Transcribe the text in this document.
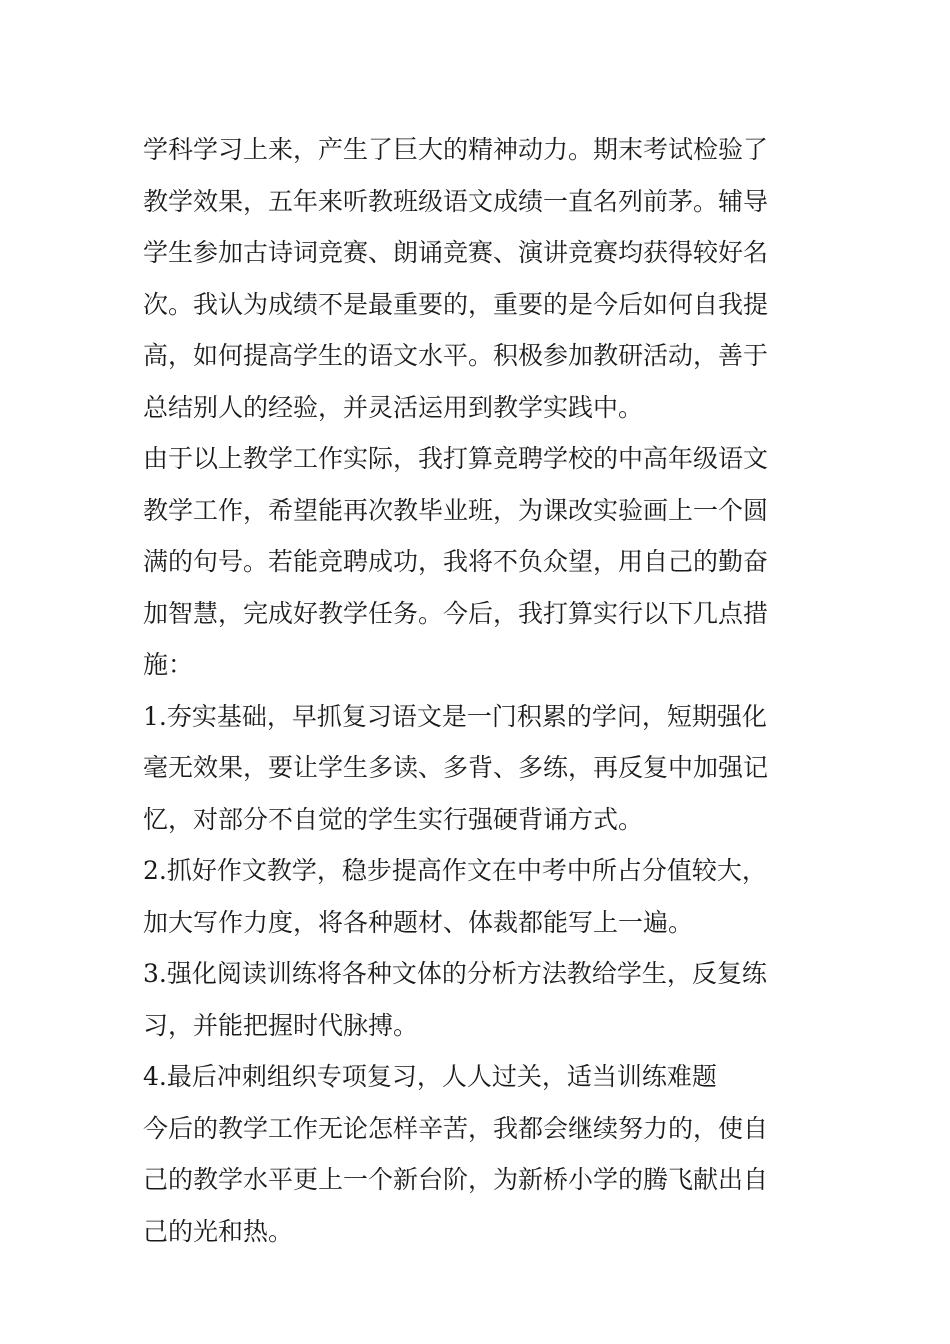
学科学习上来，产生了巨大的精神动力。期末考试检验了
教学效果，五年来听教班级语文成绩一直名列前茅。辅导
学生参加古诗词竞赛、朗诵竞赛、演讲竞赛均获得较好名
次。我认为成绩不是最重要的，重要的是今后如何自我提
高，如何提高学生的语文水平。积极参加教研活动，善于
总结别人的经验，并灵活运用到教学实践中。
由于以上教学工作实际，我打算竞聘学校的中高年级语文
教学工作，希望能再次教毕业班，为课改实验画上一个圆
满的句号。若能竞聘成功，我将不负众望，用自己的勤奋
加智慧，完成好教学任务。今后，我打算实行以下几点措
施：
1.夯实基础，早抓复习语文是一门积累的学问，短期强化
毫无效果，要让学生多读、多背、多练，再反复中加强记
忆，对部分不自觉的学生实行强硬背诵方式。
2.抓好作文教学，稳步提高作文在中考中所占分值较大，
加大写作力度，将各种题材、体裁都能写上一遍。
3.强化阅读训练将各种文体的分析方法教给学生，反复练
习，并能把握时代脉搏。
4.最后冲刺组织专项复习，人人过关，适当训练难题
今后的教学工作无论怎样辛苦，我都会继续努力的，使自
己的教学水平更上一个新台阶，为新桥小学的腾飞献出自
己的光和热。
